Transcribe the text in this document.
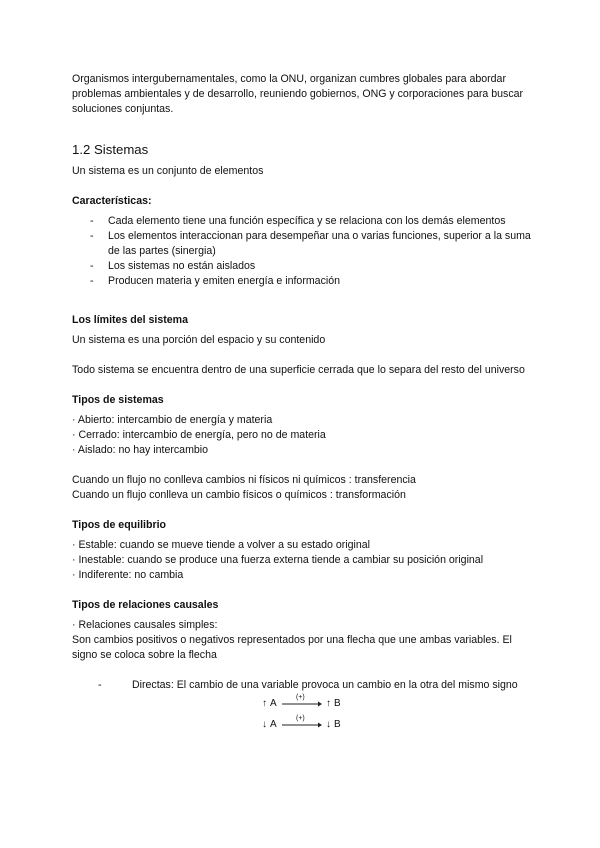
Organismos intergubernamentales, como la ONU, organizan cumbres globales para abordar problemas ambientales y de desarrollo, reuniendo gobiernos, ONG y corporaciones para buscar soluciones conjuntas.

1.2 Sistemas

Un sistema es un conjunto de elementos

Características:

- Cada elemento tiene una función específica y se relaciona con los demás elementos
- Los elementos interaccionan para desempeñar una o varias funciones, superior a la suma de las partes (sinergia)
- Los sistemas no están aislados
- Producen materia y emiten energía e información

Los límites del sistema

Un sistema es una porción del espacio y su contenido

Todo sistema se encuentra dentro de una superficie cerrada que lo separa del resto del universo

Tipos de sistemas

· Abierto: intercambio de energía y materia

· Cerrado: intercambio de energía, pero no de materia

· Aislado: no hay intercambio

Cuando un flujo no conlleva cambios ni físicos ni químicos : transferencia

Cuando un flujo conlleva un cambio físicos o químicos : transformación

Tipos de equilibrio

· Estable: cuando se mueve tiende a volver a su estado original

· Inestable: cuando se produce una fuerza externa tiende a cambiar su posición original

· Indiferente: no cambia

Tipos de relaciones causales

· Relaciones causales simples:

Son cambios positivos o negativos representados por una flecha que une ambas variables. El signo se coloca sobre la flecha

- Directas: El cambio de una variable provoca un cambio en la otra del mismo signo
↑ A
(+)
↑ B
↓ A
(+)
↓ B
